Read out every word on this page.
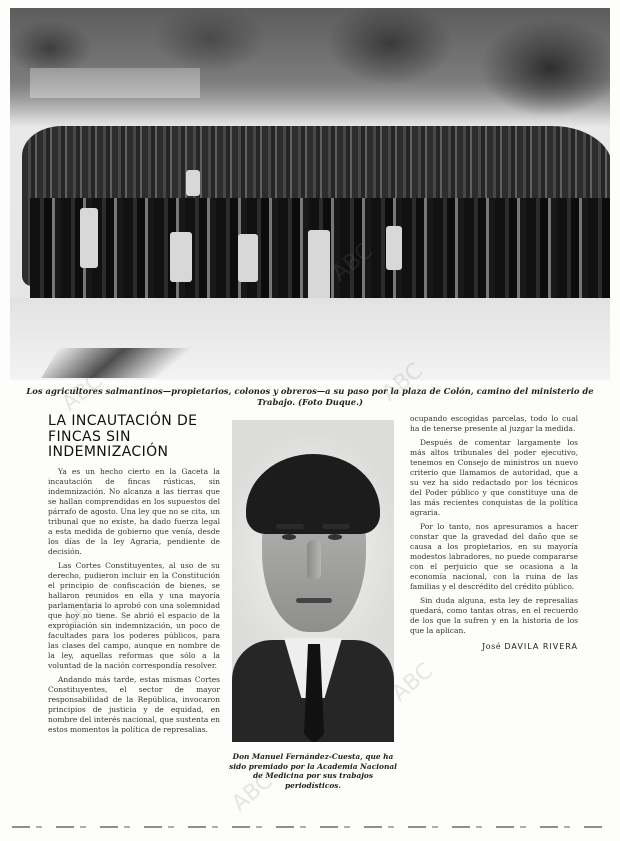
Los agricultores salmantinos—propietarios, colonos y obreros—a su paso por la plaza de Colón, camino del ministerio de Trabajo. (Foto Duque.)
LA INCAUTACIÓN DE FINCAS SIN INDEMNIZACIÓN

Ya es un hecho cierto en la Gaceta la incautación de fincas rústicas, sin indemnización. No alcanza a las tierras que se hallan comprendidas en los supuestos del párrafo de agosto. Una ley que no se cita, un tribunal que no existe, ha dado fuerza legal a esta medida de gobierno que venía, desde los días de la ley Agraria, pendiente de decisión.

Las Cortes Constituyentes, al uso de su derecho, pudieron incluir en la Constitución el principio de confiscación de bienes, se hallaron reunidos en ella y una mayoría parlamentaria lo aprobó con una solemnidad que hoy no tiene. Se abrió el espacio de la expropiación sin indemnización, un poco de facultades para los poderes públicos, para las clases del campo, aunque en nombre de la ley, aquellas reformas que sólo a la voluntad de la nación correspondía resolver.

Andando más tarde, estas mismas Cortes Constituyentes, el sector de mayor responsabilidad de la República, invocaron principios de justicia y de equidad, en nombre del interés nacional, que sustenta en estos momentos la política de represalias.

Don Manuel Fernández-Cuesta, que ha sido premiado por la Academia Nacional de Medicina por sus trabajos periodísticos.

ocupando escogidas parcelas, todo lo cual ha de tenerse presente al juzgar la medida.

Después de comentar largamente los más altos tribunales del poder ejecutivo, tenemos en Consejo de ministros un nuevo criterio que llamamos de autoridad, que a su vez ha sido redactado por los técnicos del Poder público y que constituye una de las más recientes conquistas de la política agraria.

Por lo tanto, nos apresuramos a hacer constar que la gravedad del daño que se causa a los propietarios, en su mayoría modestos labradores, no puede compararse con el perjuicio que se ocasiona a la economía nacional, con la ruina de las familias y el descrédito del crédito público.

Sin duda alguna, esta ley de represalias quedará, como tantas otras, en el recuerdo de los que la sufren y en la historia de los que la aplican.

José DAVILA RIVERA
ABC	ABC
ABC
ABC
ABC
